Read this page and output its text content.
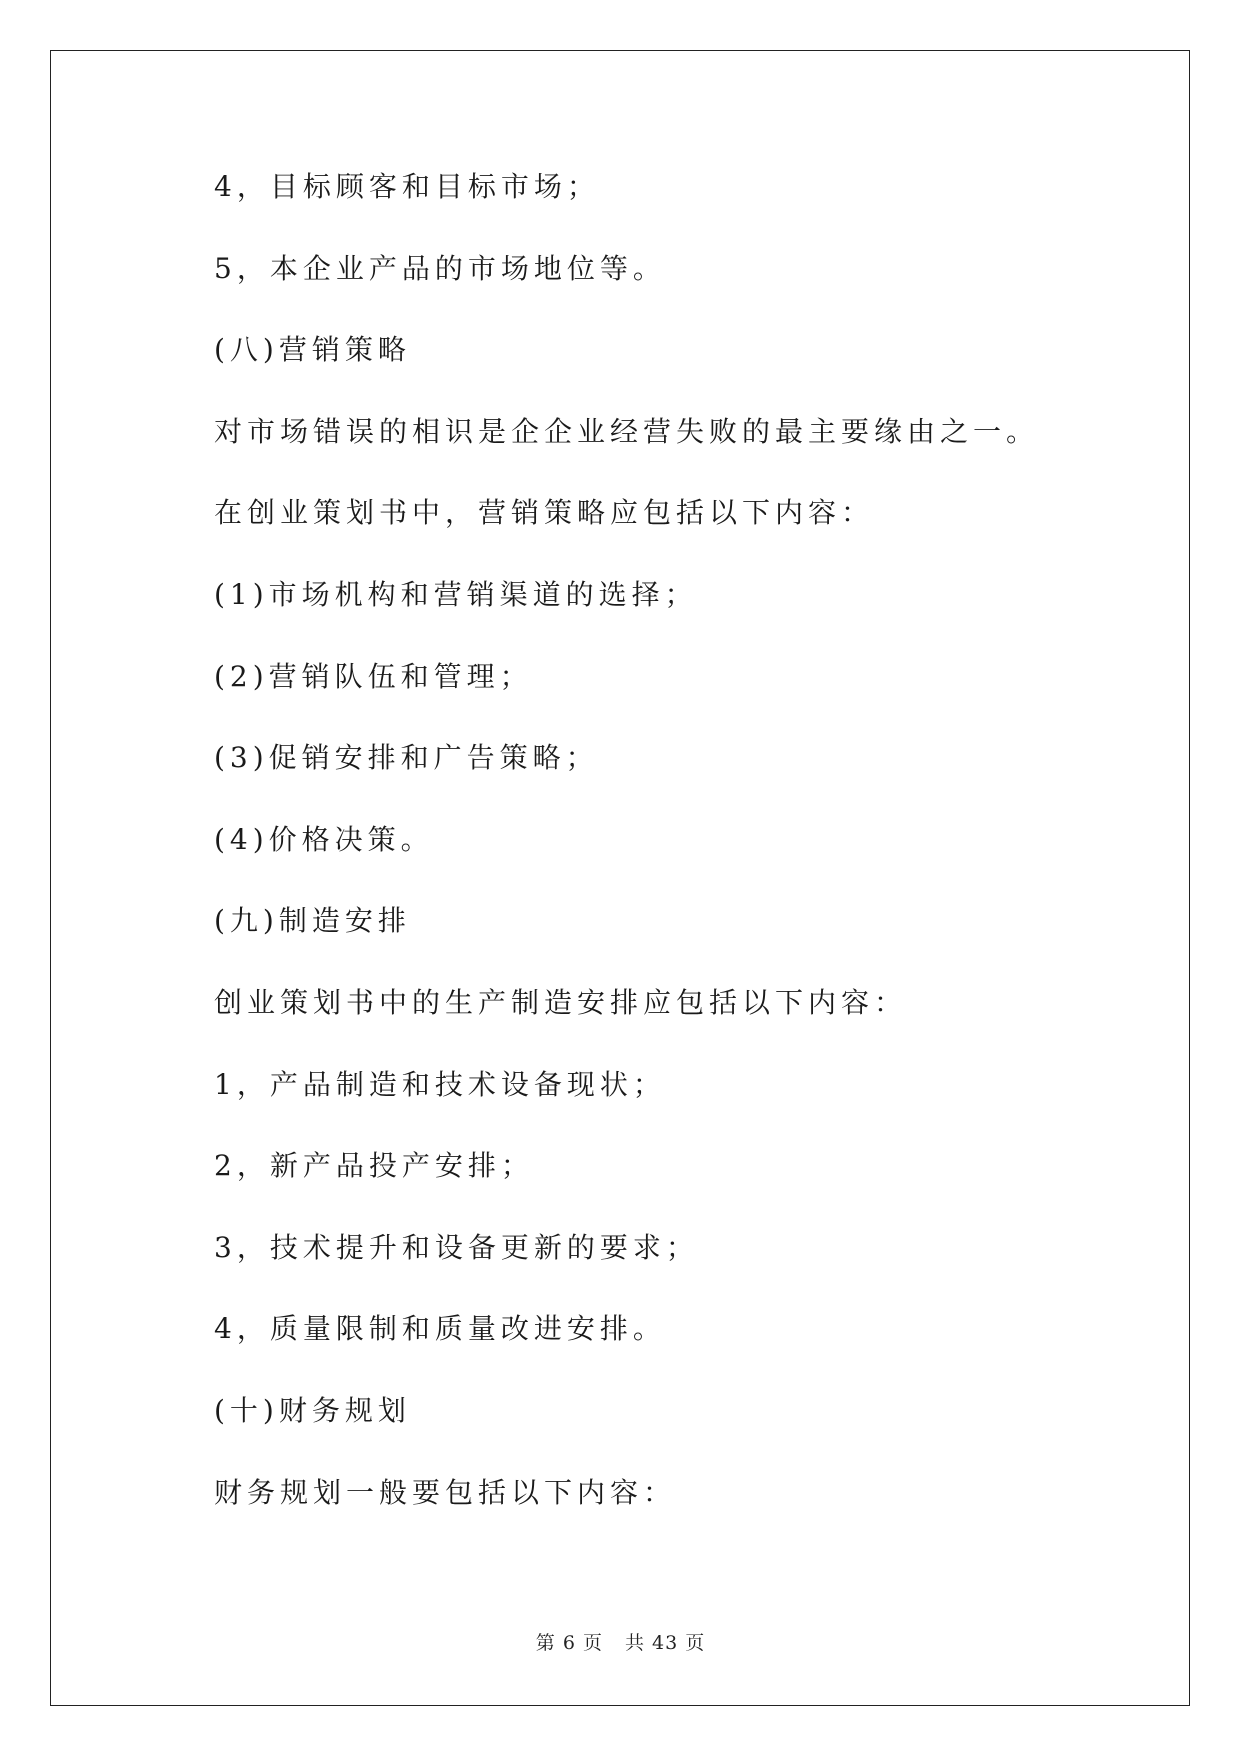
4，目标顾客和目标市场；
5，本企业产品的市场地位等。
(八)营销策略
对市场错误的相识是企企业经营失败的最主要缘由之一。
在创业策划书中，营销策略应包括以下内容：
(1)市场机构和营销渠道的选择；
(2)营销队伍和管理；
(3)促销安排和广告策略；
(4)价格决策。
(九)制造安排
创业策划书中的生产制造安排应包括以下内容：
1，产品制造和技术设备现状；
2，新产品投产安排；
3，技术提升和设备更新的要求；
4，质量限制和质量改进安排。
(十)财务规划
财务规划一般要包括以下内容：
第 6 页 共 43 页
